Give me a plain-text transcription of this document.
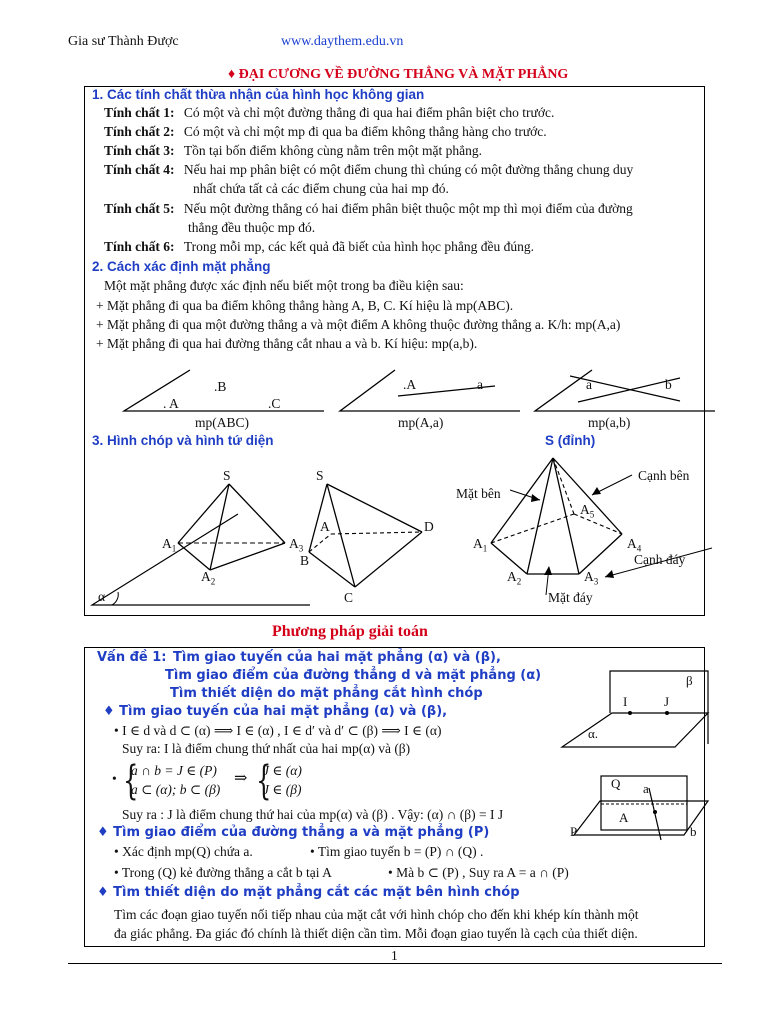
Gia sư Thành Được	www.daythem.edu.vn
♦ ĐẠI CƯƠNG VỀ ĐƯỜNG THẲNG VÀ MẶT PHẲNG
1. Các tính chất thừa nhận của hình học không gian
Tính chất 1: Có một và chỉ một đường thẳng đi qua hai điểm phân biệt cho trước.
Tính chất 2: Có một và chỉ một mp đi qua ba điểm không thẳng hàng cho trước.
Tính chất 3: Tồn tại bốn điểm không cùng nằm trên một mặt phẳng.
Tính chất 4: Nếu hai mp phân biệt có một điểm chung thì chúng có một đường thẳng chung duy
nhất chứa tất cả các điểm chung của hai mp đó.
Tính chất 5: Nếu một đường thẳng có hai điểm phân biệt thuộc một mp thì mọi điểm của đường
thẳng đều thuộc mp đó.
Tính chất 6: Trong mỗi mp, các kết quả đã biết của hình học phẳng đều đúng.
2. Cách xác định mặt phẳng
Một mặt phẳng được xác định nếu biết một trong ba điều kiện sau:
+ Mặt phẳng đi qua ba điểm không thẳng hàng A, B, C. Kí hiệu là mp(ABC).
+ Mặt phẳng đi qua một đường thẳng a và một điểm A không thuộc đường thẳng a. K/h: mp(A,a)
+ Mặt phẳng đi qua hai đường thẳng cắt nhau a và b. Kí hiệu: mp(a,b).
.B
. A	.C
mp(ABC)
.A	a
mp(A,a)
a	b
mp(a,b)
3. Hình chóp và hình tứ diện	S (đỉnh)
S
$A_1$	$A_3$
$A_2$
α
S
A
B
C
D
Mặt bên
Cạnh bên
Cạnh đáy
Mặt đáy
$A_1$
$A_2$	$A_3$
$A_4$
$A_5$
Phương pháp giải toán
Vấn đề 1: Tìm giao tuyến của hai mặt phẳng (α) và (β),
Tìm giao điểm của đường thẳng d và mặt phẳng (α)
Tìm thiết diện do mặt phẳng cắt hình chóp
♦ Tìm giao tuyến của hai mặt phẳng (α) và (β),
• I ∈ d và d ⊂ (α) ⟹ I ∈ (α) , I ∈ d′ và d′ ⊂ (β) ⟹ I ∈ (α)
Suy ra: I là điểm chung thứ nhất của hai mp(α) và (β)
• {
a ∩ b = J ∈ (P)
a ⊂ (α); b ⊂ (β)
⇒ {
J ∈ (α)
J ∈ (β)
Suy ra : J là điểm chung thứ hai của mp(α) và (β) . Vậy: (α) ∩ (β) = I J
♦ Tìm giao điểm của đường thẳng a và mặt phẳng (P)
• Xác định mp(Q) chứa a.	• Tìm giao tuyến b = (P) ∩ (Q) .
• Trong (Q) kẻ đường thẳng a cắt b tại A	• Mà b ⊂ (P) , Suy ra A = a ∩ (P)
♦ Tìm thiết diện do mặt phẳng cắt các mặt bên hình chóp
Tìm các đoạn giao tuyến nối tiếp nhau của mặt cắt với hình chóp cho đến khi khép kín thành một
đa giác phẳng. Đa giác đó chính là thiết diện cần tìm. Mỗi đoạn giao tuyến là cạch của thiết diện.
β
I	J
α.
Q a
A
P	b
1
